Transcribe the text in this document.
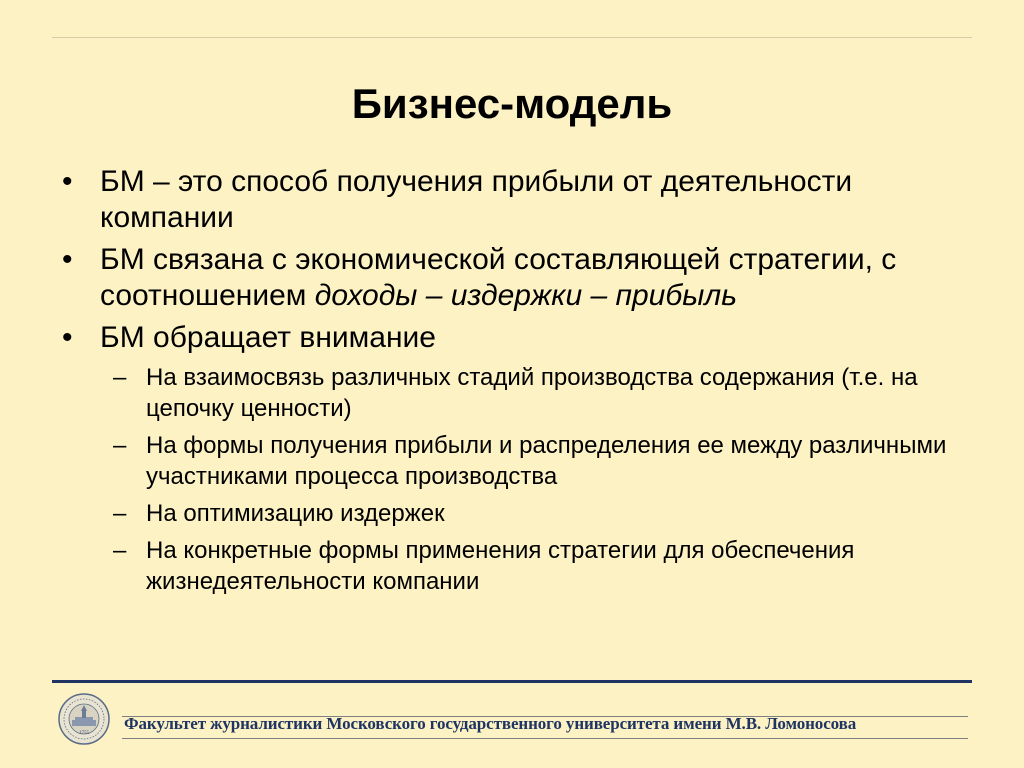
Бизнес-модель
• БМ – это способ получения прибыли от деятельности компании
• БМ связана с экономической составляющей стратегии, с соотношением доходы – издержки – прибыль
• БМ обращает внимание
– На взаимосвязь различных стадий производства содержания (т.е. на цепочку ценности)
– На формы получения прибыли и распределения ее между различными участниками процесса производства
– На оптимизацию издержек
– На конкретные формы применения стратегии для обеспечения жизнедеятельности компании
1755
Факультет журналистики Московского государственного университета имени М.В. Ломоносова
